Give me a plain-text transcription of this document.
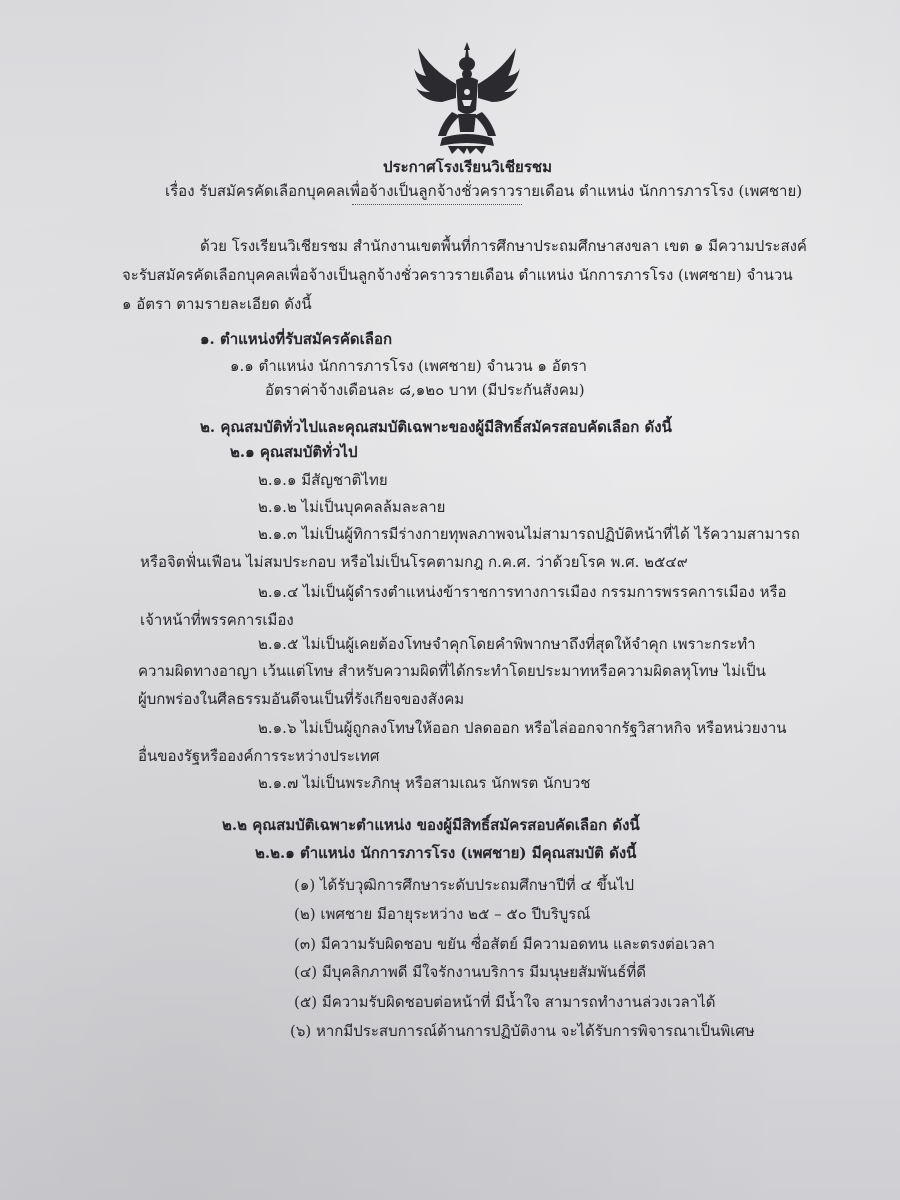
ประกาศโรงเรียนวิเชียรชม
เรื่อง รับสมัครคัดเลือกบุคคลเพื่อจ้างเป็นลูกจ้างชั่วคราวรายเดือน ตำแหน่ง นักการภารโรง (เพศชาย)
ด้วย โรงเรียนวิเชียรชม สำนักงานเขตพื้นที่การศึกษาประถมศึกษาสงขลา เขต ๑ มีความประสงค์
จะรับสมัครคัดเลือกบุคคลเพื่อจ้างเป็นลูกจ้างชั่วคราวรายเดือน ตำแหน่ง นักการภารโรง (เพศชาย) จำนวน
๑ อัตรา ตามรายละเอียด ดังนี้
๑. ตำแหน่งที่รับสมัครคัดเลือก
๑.๑ ตำแหน่ง นักการภารโรง (เพศชาย) จำนวน ๑ อัตรา
อัตราค่าจ้างเดือนละ ๘,๑๒๐ บาท (มีประกันสังคม)
๒. คุณสมบัติทั่วไปและคุณสมบัติเฉพาะของผู้มีสิทธิ์สมัครสอบคัดเลือก ดังนี้
๒.๑ คุณสมบัติทั่วไป
๒.๑.๑ มีสัญชาติไทย
๒.๑.๒ ไม่เป็นบุคคลล้มละลาย
๒.๑.๓ ไม่เป็นผู้ทิการมีร่างกายทุพลภาพจนไม่สามารถปฏิบัติหน้าที่ได้ ไร้ความสามารถ
หรือจิตฟั่นเฟือน ไม่สมประกอบ หรือไม่เป็นโรคตามกฎ ก.ค.ศ. ว่าด้วยโรค พ.ศ. ๒๕๔๙
๒.๑.๔ ไม่เป็นผู้ดำรงตำแหน่งข้าราชการทางการเมือง กรรมการพรรคการเมือง หรือ
เจ้าหน้าที่พรรคการเมือง
๒.๑.๕ ไม่เป็นผู้เคยต้องโทษจำคุกโดยคำพิพากษาถึงที่สุดให้จำคุก เพราะกระทำ
ความผิดทางอาญา เว้นแต่โทษ สำหรับความผิดที่ได้กระทำโดยประมาทหรือความผิดลหุโทษ ไม่เป็น
ผู้บกพร่องในศีลธรรมอันดีจนเป็นที่รังเกียจของสังคม
๒.๑.๖ ไม่เป็นผู้ถูกลงโทษให้ออก ปลดออก หรือไล่ออกจากรัฐวิสาหกิจ หรือหน่วยงาน
อื่นของรัฐหรือองค์การระหว่างประเทศ
๒.๑.๗ ไม่เป็นพระภิกษุ หรือสามเณร นักพรต นักบวช
๒.๒ คุณสมบัติเฉพาะตำแหน่ง ของผู้มีสิทธิ์สมัครสอบคัดเลือก ดังนี้
๒.๒.๑ ตำแหน่ง นักการภารโรง (เพศชาย) มีคุณสมบัติ ดังนี้
(๑) ได้รับวุฒิการศึกษาระดับประถมศึกษาปีที่ ๔ ขึ้นไป
(๒) เพศชาย มีอายุระหว่าง ๒๕ – ๕๐ ปีบริบูรณ์
(๓) มีความรับผิดชอบ ขยัน ซื่อสัตย์ มีความอดทน และตรงต่อเวลา
(๔) มีบุคลิกภาพดี มีใจรักงานบริการ มีมนุษยสัมพันธ์ที่ดี
(๕) มีความรับผิดชอบต่อหน้าที่ มีน้ำใจ สามารถทำงานล่วงเวลาได้
(๖) หากมีประสบการณ์ด้านการปฏิบัติงาน จะได้รับการพิจารณาเป็นพิเศษ
